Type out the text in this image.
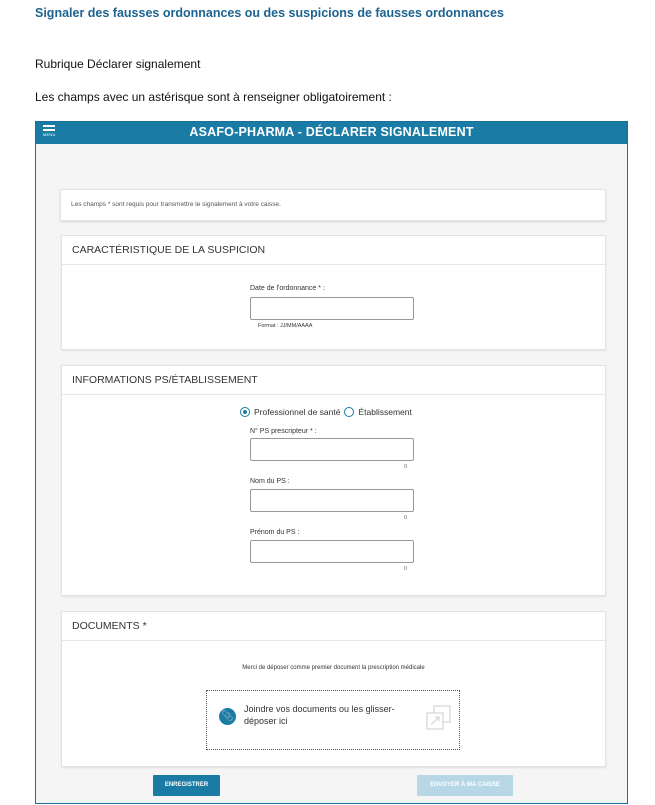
Signaler des fausses ordonnances ou des suspicions de fausses ordonnances
Rubrique Déclarer signalement
Les champs avec un astérisque sont à renseigner obligatoirement :
MENU	ASAFO-PHARMA - DÉCLARER SIGNALEMENT
Les champs * sont requis pour transmettre le signalement à votre caisse.
CARACTÉRISTIQUE DE LA SUSPICION
Date de l'ordonnance * :
Format : JJ/MM/AAAA
INFORMATIONS PS/ÉTABLISSEMENT
Professionnel de santé Établissement
N° PS prescripteur * :
0
Nom du PS :
0
Prénom du PS :
0
DOCUMENTS *
Merci de déposer comme premier document la prescription médicale
📎
Joindre vos documents ou les glisser-
déposer ici
ENREGISTRER	ENVOYER À MA CAISSE
